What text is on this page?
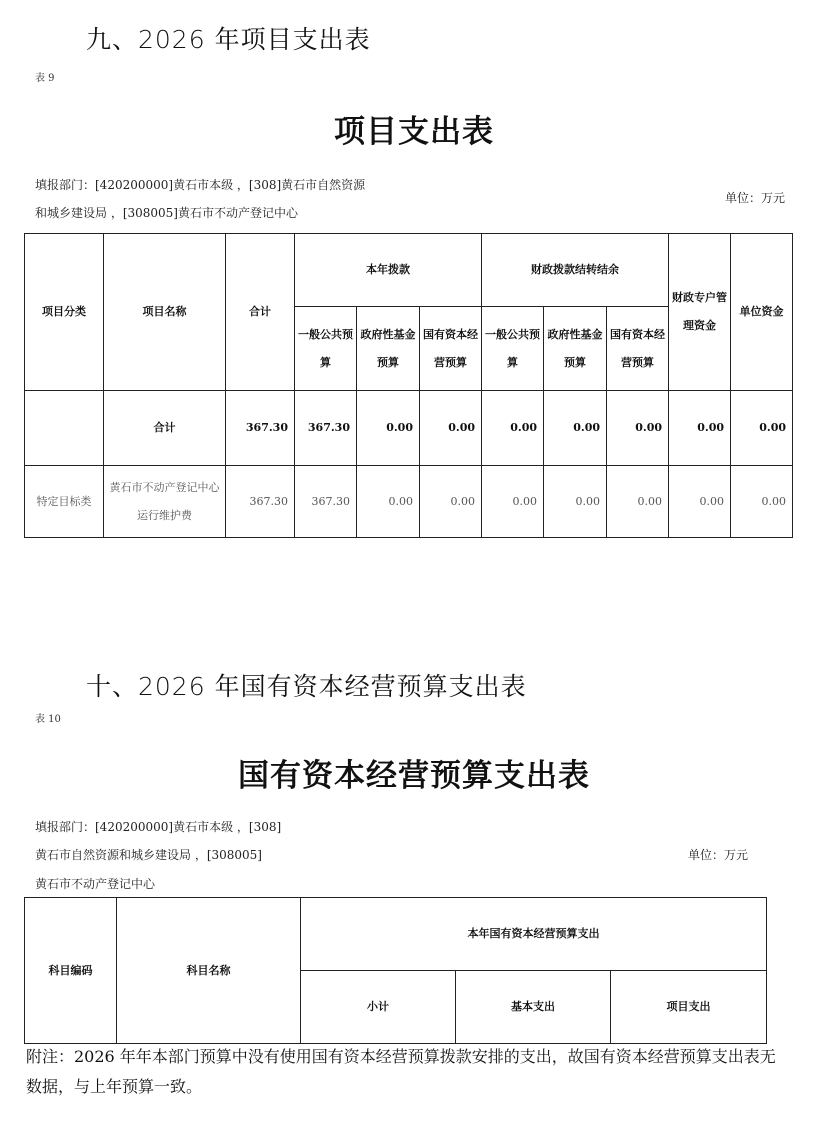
九、2026 年项目支出表
表 9
项目支出表
填报部门：[420200000]黄石市本级 ，[308]黄石市自然资源
和城乡建设局 ，[308005]黄石市不动产登记中心
单位：万元
项目分类	项目名称	合计	本年拨款			财政拨款结转结余			财政专户管理资金	单位资金
			一般公共预算	政府性基金预算	国有资本经营预算	一般公共预算	政府性基金预算	国有资本经营预算		
	合计	367.30	367.30	0.00	0.00	0.00	0.00	0.00	0.00	0.00
特定目标类	黄石市不动产登记中心运行维护费	367.30	367.30	0.00	0.00	0.00	0.00	0.00	0.00	0.00
十、2026 年国有资本经营预算支出表
表 10
国有资本经营预算支出表
填报部门：[420200000]黄石市本级 ，[308]
黄石市自然资源和城乡建设局 ，[308005]
黄石市不动产登记中心
单位：万元
科目编码	科目名称	本年国有资本经营预算支出		
		小计	基本支出	项目支出
附注：2026 年年本部门预算中没有使用国有资本经营预算拨款安排的支出，故国有资本经营预算支出表无数据，与上年预算一致。
